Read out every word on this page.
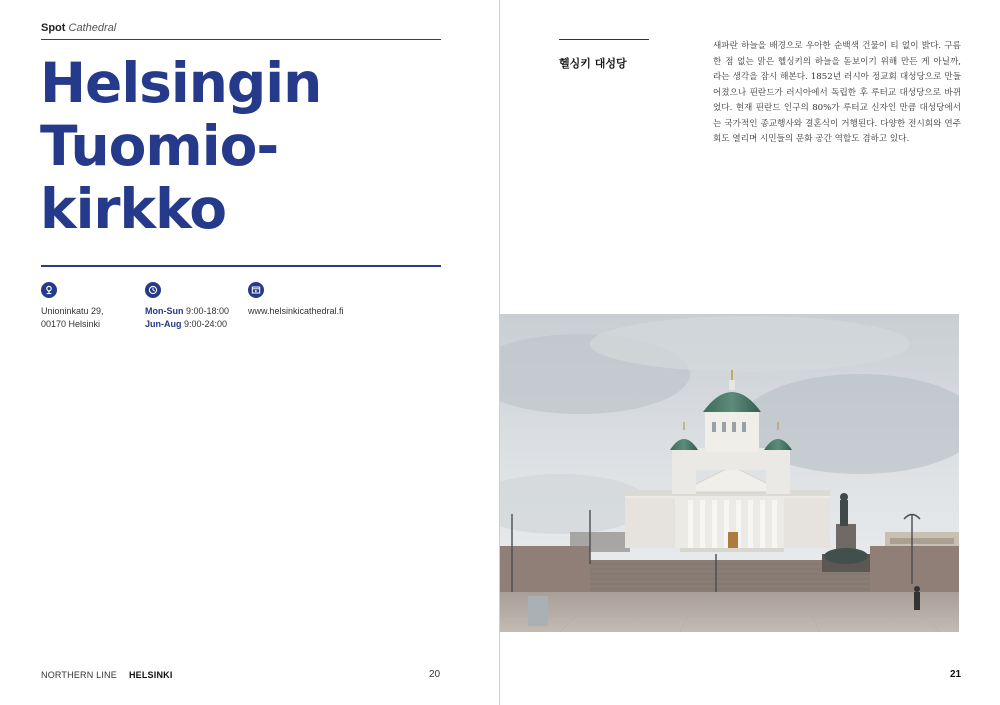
Spot Cathedral
Helsingin
Tuomio-
kirkko
Unioninkatu 29,
00170 Helsinki
Mon-Sun 9:00-18:00
Jun-Aug 9:00-24:00
www.helsinkicathedral.fi
NORTHERN LINE HELSINKI	20
헬싱키 대성당

새파란 하늘을 배경으로 우아한 순백색 건물이 티 없이 밝다. 구름 한 점 없는 맑은 헬싱키의 하늘을 돋보이기 위해 만든 게 아닐까, 라는 생각을 잠시 해본다. 1852년 러시아 정교회 대성당으로 만들어졌으나 핀란드가 러시아에서 독립한 후 루터교 대성당으로 바뀌었다. 현재 핀란드 인구의 80%가 루터교 신자인 만큼 대성당에서는 국가적인 종교행사와 결혼식이 거행된다. 다양한 전시회와 연주회도 열리며 시민들의 문화 공간 역할도 겸하고 있다.

21
